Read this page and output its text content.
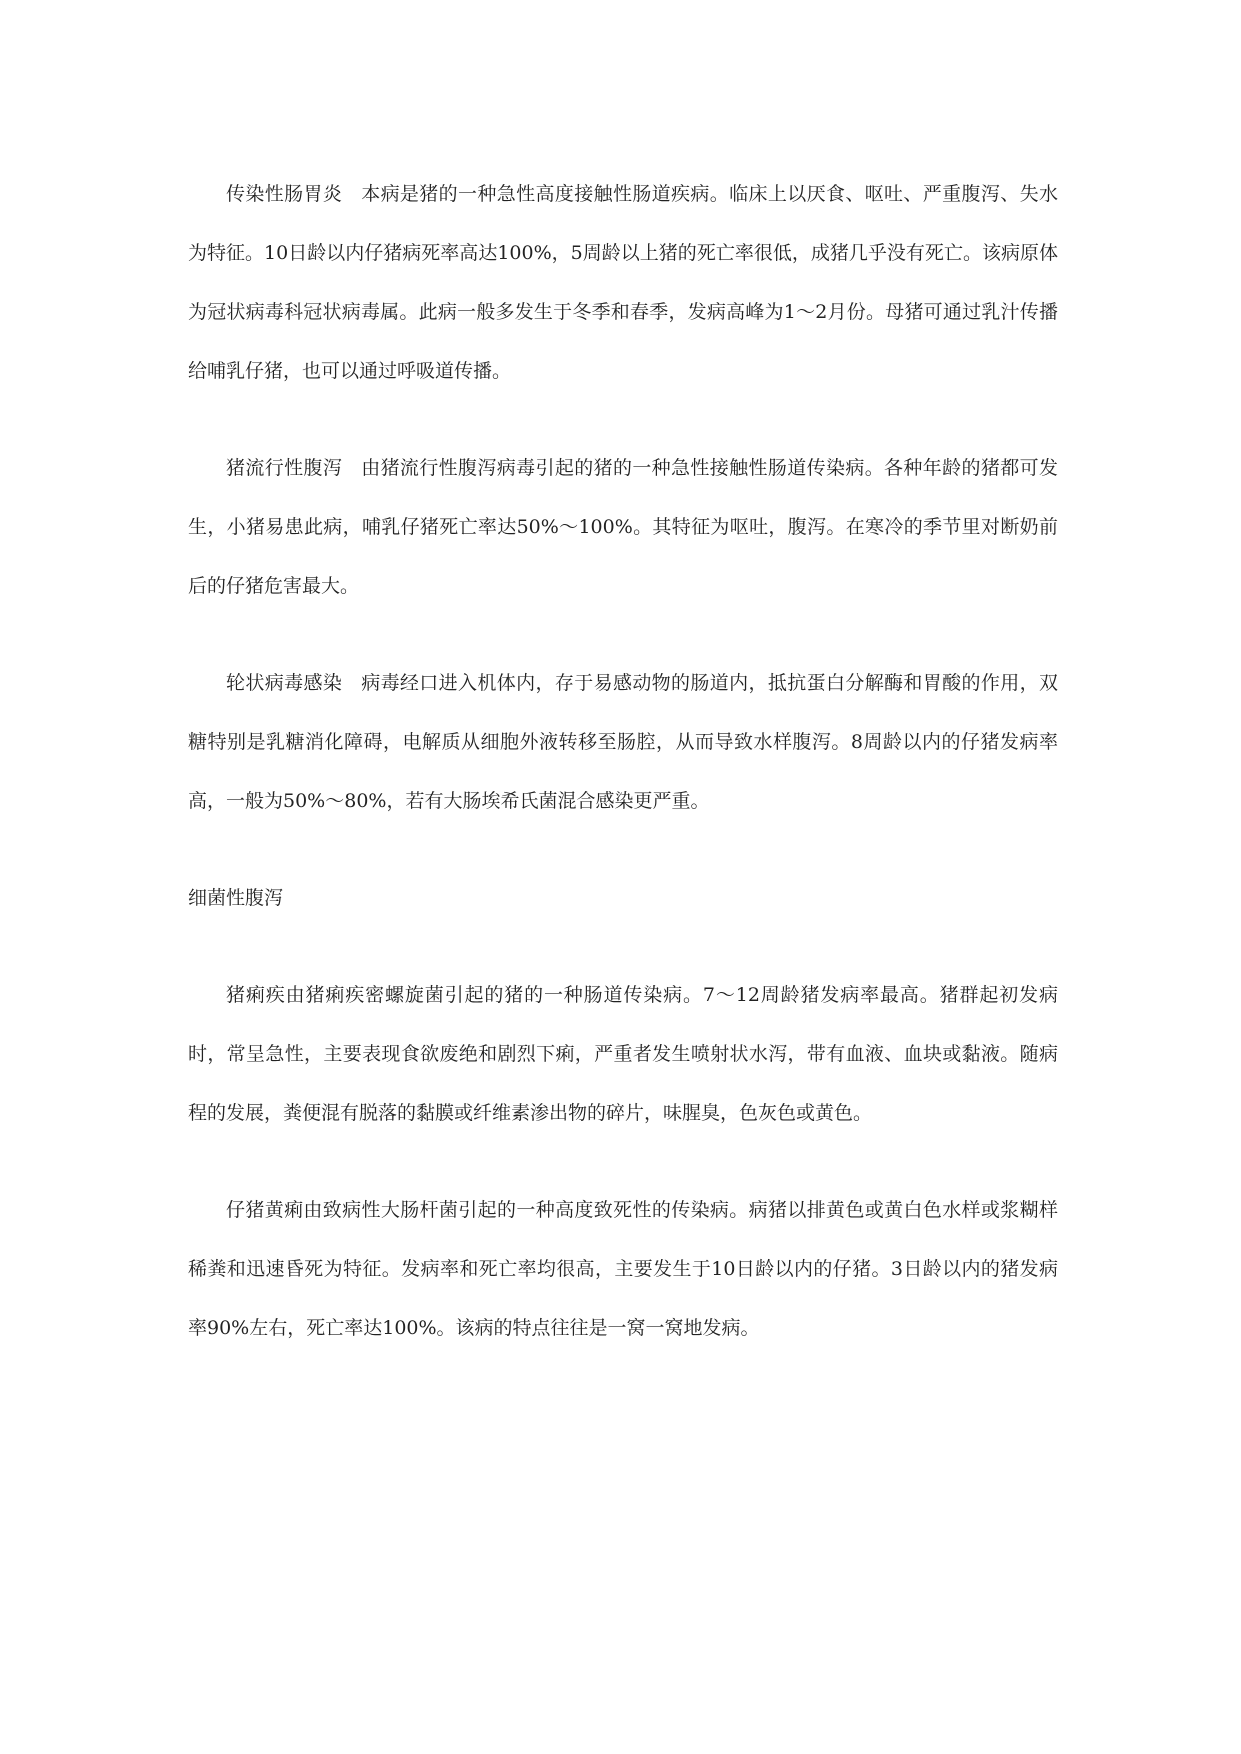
传染性肠胃炎 本病是猪的一种急性高度接触性肠道疾病。临床上以厌食、呕吐、严重腹泻、失水为特征。10日龄以内仔猪病死率高达100%，5周龄以上猪的死亡率很低，成猪几乎没有死亡。该病原体为冠状病毒科冠状病毒属。此病一般多发生于冬季和春季，发病高峰为1～2月份。母猪可通过乳汁传播给哺乳仔猪，也可以通过呼吸道传播。

猪流行性腹泻 由猪流行性腹泻病毒引起的猪的一种急性接触性肠道传染病。各种年龄的猪都可发生，小猪易患此病，哺乳仔猪死亡率达50%～100%。其特征为呕吐，腹泻。在寒冷的季节里对断奶前后的仔猪危害最大。

轮状病毒感染 病毒经口进入机体内，存于易感动物的肠道内，抵抗蛋白分解酶和胃酸的作用，双糖特别是乳糖消化障碍，电解质从细胞外液转移至肠腔，从而导致水样腹泻。8周龄以内的仔猪发病率高，一般为50%～80%，若有大肠埃希氏菌混合感染更严重。

细菌性腹泻

猪痢疾由猪痢疾密螺旋菌引起的猪的一种肠道传染病。7～12周龄猪发病率最高。猪群起初发病时，常呈急性，主要表现食欲废绝和剧烈下痢，严重者发生喷射状水泻，带有血液、血块或黏液。随病程的发展，粪便混有脱落的黏膜或纤维素渗出物的碎片，味腥臭，色灰色或黄色。

仔猪黄痢由致病性大肠杆菌引起的一种高度致死性的传染病。病猪以排黄色或黄白色水样或浆糊样稀粪和迅速昏死为特征。发病率和死亡率均很高，主要发生于10日龄以内的仔猪。3日龄以内的猪发病率90%左右，死亡率达100%。该病的特点往往是一窝一窝地发病。
